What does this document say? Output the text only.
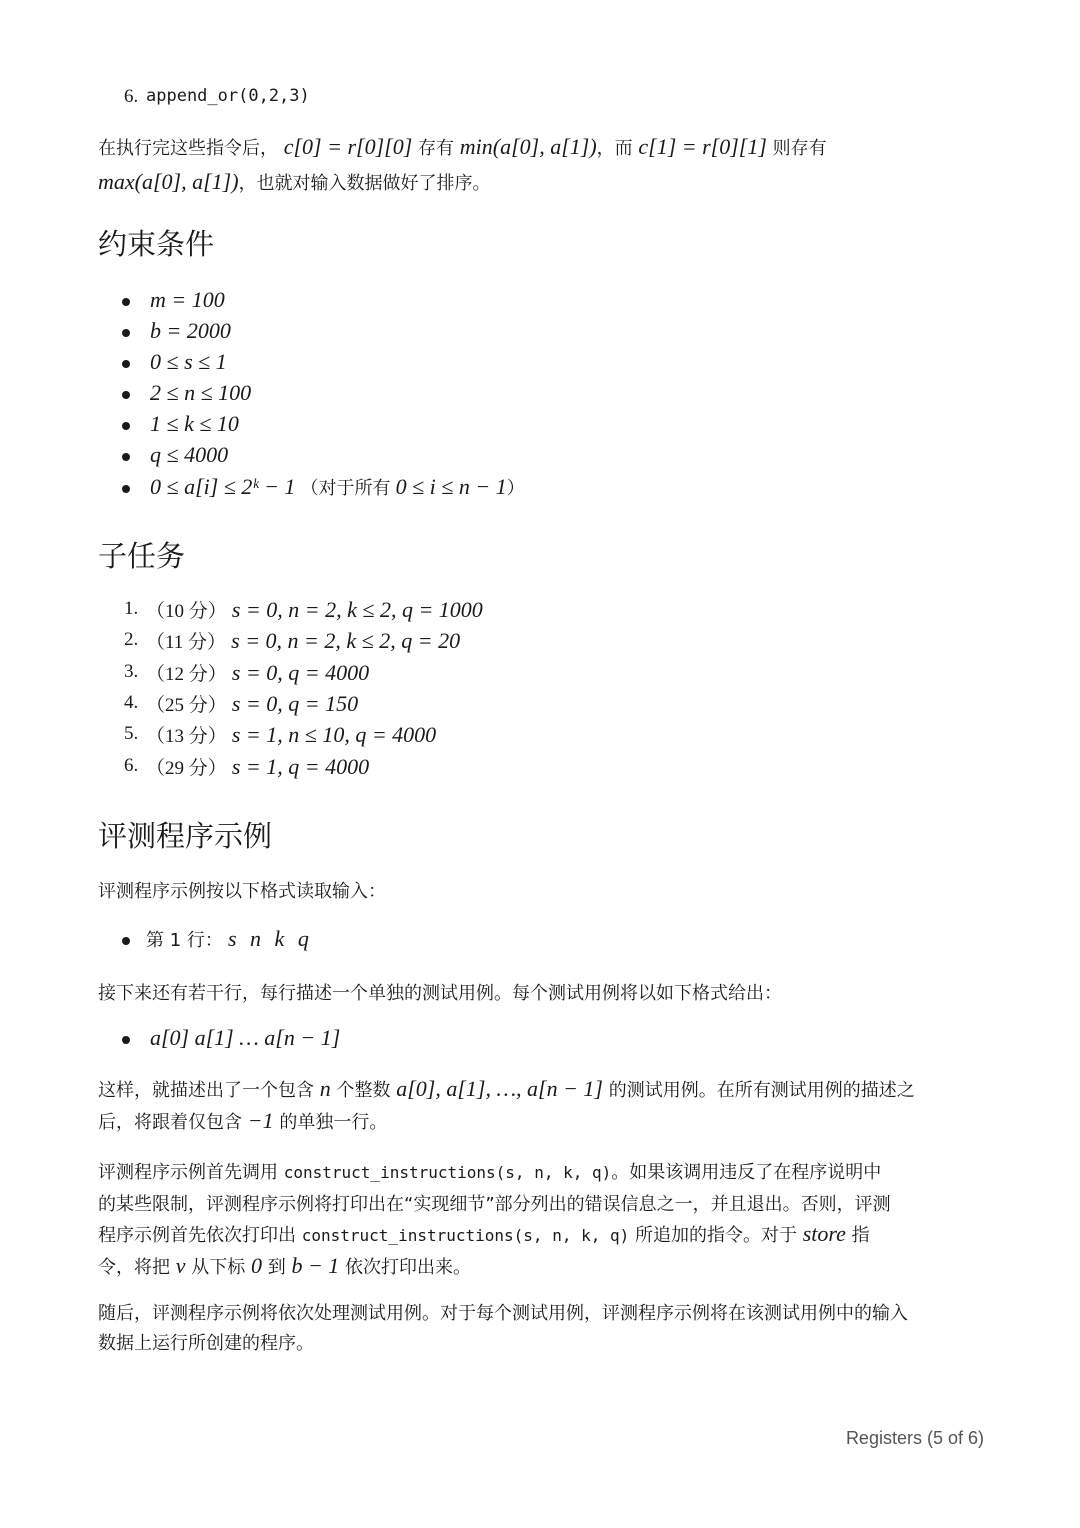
6. append_or(0,2,3)
在执行完这些指令后， c[0] = r[0][0] 存有 min(a[0], a[1])，而 c[1] = r[0][1] 则存有
max(a[0], a[1])，也就对输入数据做好了排序。
约束条件
m = 100
b = 2000
0 ≤ s ≤ 1
2 ≤ n ≤ 100
1 ≤ k ≤ 10
q ≤ 4000
0 ≤ a[i] ≤ 2ᵏ − 1 （对于所有 0 ≤ i ≤ n − 1）
子任务
1. （10 分） s = 0, n = 2, k ≤ 2, q = 1000
2. （11 分） s = 0, n = 2, k ≤ 2, q = 20
3. （12 分） s = 0, q = 4000
4. （25 分） s = 0, q = 150
5. （13 分） s = 1, n ≤ 10, q = 4000
6. （29 分） s = 1, q = 4000
评测程序示例
评测程序示例按以下格式读取输入：
第 1 行： s n k q
接下来还有若干行，每行描述一个单独的测试用例。每个测试用例将以如下格式给出：
a[0] a[1] … a[n − 1]
这样，就描述出了一个包含 n 个整数 a[0], a[1], …, a[n − 1] 的测试用例。在所有测试用例的描述之
后，将跟着仅包含 −1 的单独一行。
评测程序示例首先调用 construct_instructions(s, n, k, q)。如果该调用违反了在程序说明中
的某些限制，评测程序示例将打印出在“实现细节”部分列出的错误信息之一，并且退出。否则，评测
程序示例首先依次打印出 construct_instructions(s, n, k, q) 所追加的指令。对于 store 指
令，将把 v 从下标 0 到 b − 1 依次打印出来。
随后，评测程序示例将依次处理测试用例。对于每个测试用例，评测程序示例将在该测试用例中的输入
数据上运行所创建的程序。
Registers (5 of 6)
